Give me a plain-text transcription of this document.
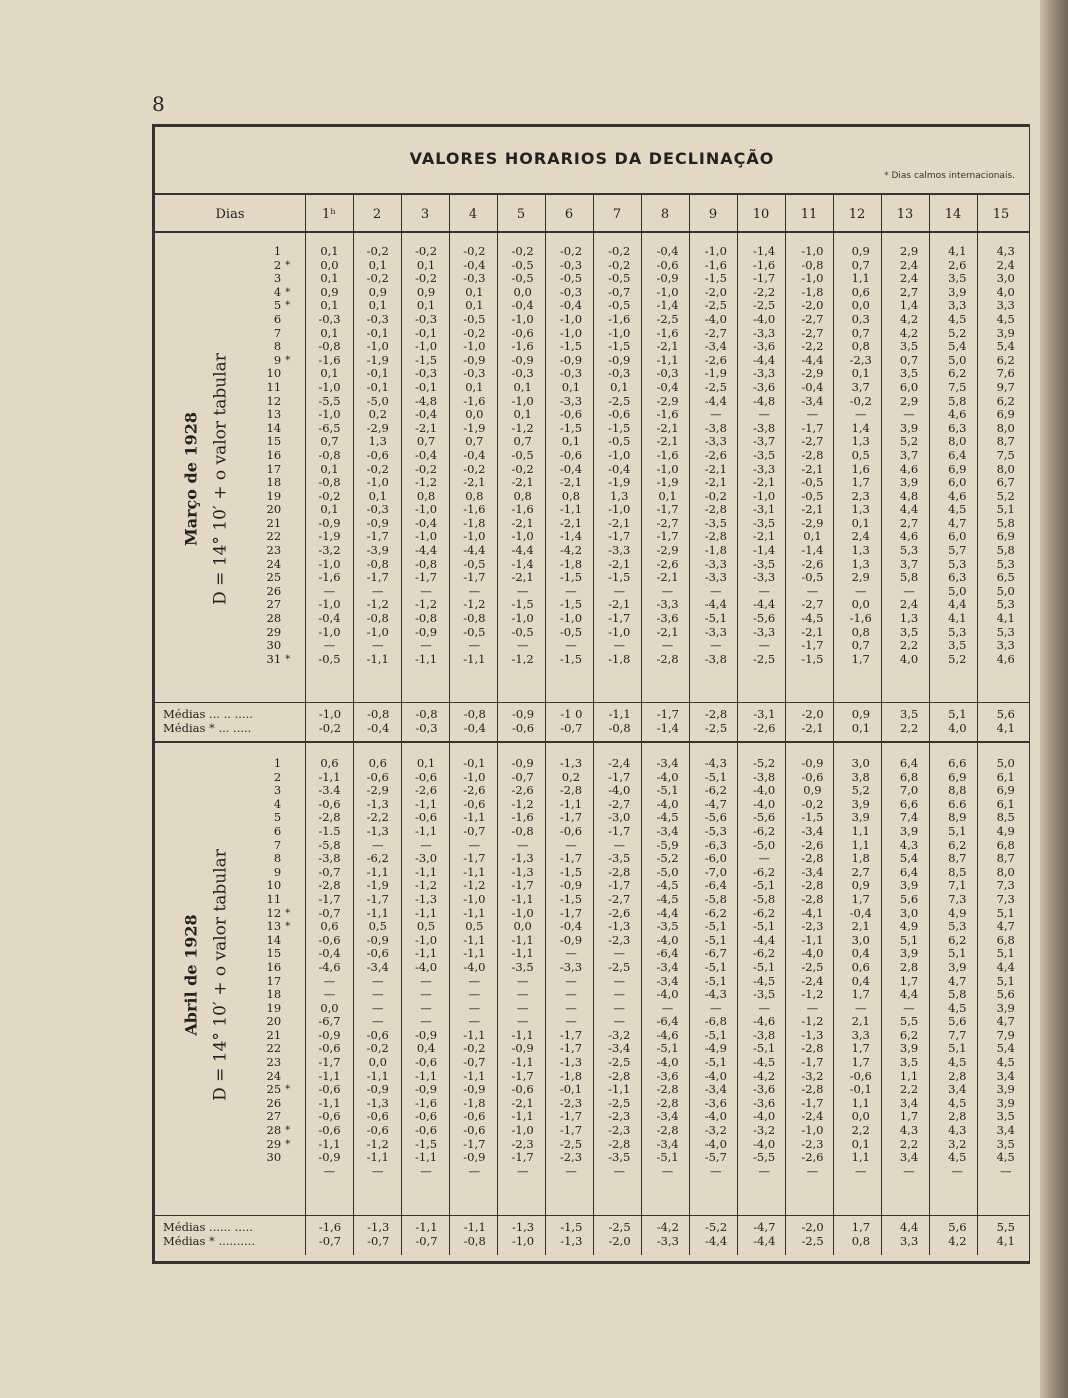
8
VALORES HORARIOS DA DECLINAÇÃO
* Dias calmos internacionais.
Dias	1ʰ	2	3	4	5	6	7	8	9	10	11	12	13	14	15
Março de 1928 D = 14° 10′ + o valor tabular
Abril de 1928 D = 14° 10′ + o valor tabular
1		0,1	-0,2	-0,2	-0,2	-0,2	-0,2	-0,2	-0,4	-1,0	-1,4	-1,0	0,9	2,9	4,1	4,3
2	*	0,0	0,1	0,1	-0,4	-0,5	-0,3	-0,2	-0,6	-1,6	-1,6	-0,8	0,7	2,4	2,6	2,4
3		0,1	-0,2	-0,2	-0,3	-0,5	-0,5	-0,5	-0,9	-1,5	-1,7	-1,0	1,1	2,4	3,5	3,0
4	*	0,9	0,9	0,9	0,1	0,0	-0,3	-0,7	-1,0	-2,0	-2,2	-1,8	0,6	2,7	3,9	4,0
5	*	0,1	0,1	0,1	0,1	-0,4	-0,4	-0,5	-1,4	-2,5	-2,5	-2,0	0,0	1,4	3,3	3,3
6		-0,3	-0,3	-0,3	-0,5	-1,0	-1,0	-1,6	-2,5	-4,0	-4,0	-2,7	0,3	4,2	4,5	4,5
7		0,1	-0,1	-0,1	-0,2	-0,6	-1,0	-1,0	-1,6	-2,7	-3,3	-2,7	0,7	4,2	5,2	3,9
8		-0,8	-1,0	-1,0	-1,0	-1,6	-1,5	-1,5	-2,1	-3,4	-3,6	-2,2	0,8	3,5	5,4	5,4
9	*	-1,6	-1,9	-1,5	-0,9	-0,9	-0,9	-0,9	-1,1	-2,6	-4,4	-4,4	-2,3	0,7	5,0	6,2
10		0,1	-0,1	-0,3	-0,3	-0,3	-0,3	-0,3	-0,3	-1,9	-3,3	-2,9	0,1	3,5	6,2	7,6
11		-1,0	-0,1	-0,1	0,1	0,1	0,1	0,1	-0,4	-2,5	-3,6	-0,4	3,7	6,0	7,5	9,7
12		-5,5	-5,0	-4,8	-1,6	-1,0	-3,3	-2,5	-2,9	-4,4	-4,8	-3,4	-0,2	2,9	5,8	6,2
13		-1,0	0,2	-0,4	0,0	0,1	-0,6	-0,6	-1,6	—	—	—	—	—	4,6	6,9
14		-6,5	-2,9	-2,1	-1,9	-1,2	-1,5	-1,5	-2,1	-3,8	-3,8	-1,7	1,4	3,9	6,3	8,0
15		0,7	1,3	0,7	0,7	0,7	0,1	-0,5	-2,1	-3,3	-3,7	-2,7	1,3	5,2	8,0	8,7
16		-0,8	-0,6	-0,4	-0,4	-0,5	-0,6	-1,0	-1,6	-2,6	-3,5	-2,8	0,5	3,7	6,4	7,5
17		0,1	-0,2	-0,2	-0,2	-0,2	-0,4	-0,4	-1,0	-2,1	-3,3	-2,1	1,6	4,6	6,9	8,0
18		-0,8	-1,0	-1,2	-2,1	-2,1	-2,1	-1,9	-1,9	-2,1	-2,1	-0,5	1,7	3,9	6,0	6,7
19		-0,2	0,1	0,8	0,8	0,8	0,8	1,3	0,1	-0,2	-1,0	-0,5	2,3	4,8	4,6	5,2
20		0,1	-0,3	-1,0	-1,6	-1,6	-1,1	-1,0	-1,7	-2,8	-3,1	-2,1	1,3	4,4	4,5	5,1
21		-0,9	-0,9	-0,4	-1,8	-2,1	-2,1	-2,1	-2,7	-3,5	-3,5	-2,9	0,1	2,7	4,7	5,8
22		-1,9	-1,7	-1,0	-1,0	-1,0	-1,4	-1,7	-1,7	-2,8	-2,1	0,1	2,4	4,6	6,0	6,9
23		-3,2	-3,9	-4,4	-4,4	-4,4	-4,2	-3,3	-2,9	-1,8	-1,4	-1,4	1,3	5,3	5,7	5,8
24		-1,0	-0,8	-0,8	-0,5	-1,4	-1,8	-2,1	-2,6	-3,3	-3,5	-2,6	1,3	3,7	5,3	5,3
25		-1,6	-1,7	-1,7	-1,7	-2,1	-1,5	-1,5	-2,1	-3,3	-3,3	-0,5	2,9	5,8	6,3	6,5
26		—	—	—	—	—	—	—	—	—	—	—	—	—	5,0	5,0
27		-1,0	-1,2	-1,2	-1,2	-1,5	-1,5	-2,1	-3,3	-4,4	-4,4	-2,7	0,0	2,4	4,4	5,3
28		-0,4	-0,8	-0,8	-0,8	-1,0	-1,0	-1,7	-3,6	-5,1	-5,6	-4,5	-1,6	1,3	4,1	4,1
29		-1,0	-1,0	-0,9	-0,5	-0,5	-0,5	-1,0	-2,1	-3,3	-3,3	-2,1	0,8	3,5	5,3	5,3
30		—	—	—	—	—	—	—	—	—	—	-1,7	0,7	2,2	3,5	3,3
31	*	-0,5	-1,1	-1,1	-1,1	-1,2	-1,5	-1,8	-2,8	-3,8	-2,5	-1,5	1,7	4,0	5,2	4,6
Médias ... .. .....	-1,0	-0,8	-0,8	-0,8	-0,9	-1 0	-1,1	-1,7	-2,8	-3,1	-2,0	0,9	3,5	5,1	5,6
Médias * ... .....	-0,2	-0,4	-0,3	-0,4	-0,6	-0,7	-0,8	-1,4	-2,5	-2,6	-2,1	0,1	2,2	4,0	4,1
1		0,6	0,6	0,1	-0,1	-0,9	-1,3	-2,4	-3,4	-4,3	-5,2	-0,9	3,0	6,4	6,6	5,0
2		-1,1	-0,6	-0,6	-1,0	-0,7	0,2	-1,7	-4,0	-5,1	-3,8	-0,6	3,8	6,8	6,9	6,1
3		-3.4	-2,9	-2,6	-2,6	-2,6	-2,8	-4,0	-5,1	-6,2	-4,0	0,9	5,2	7,0	8,8	6,9
4		-0,6	-1,3	-1,1	-0,6	-1,2	-1,1	-2,7	-4,0	-4,7	-4,0	-0,2	3,9	6,6	6.6	6,1
5		-2,8	-2,2	-0,6	-1,1	-1,6	-1,7	-3,0	-4,5	-5,6	-5,6	-1,5	3,9	7,4	8,9	8,5
6		-1.5	-1,3	-1,1	-0,7	-0,8	-0,6	-1,7	-3,4	-5,3	-6,2	-3,4	1,1	3,9	5,1	4,9
7		-5,8	—	—	—	—	—	—	-5,9	-6,3	-5,0	-2,6	1,1	4,3	6,2	6,8
8		-3,8	-6,2	-3,0	-1,7	-1,3	-1,7	-3,5	-5,2	-6,0	—	-2,8	1,8	5,4	8,7	8,7
9		-0,7	-1,1	-1,1	-1,1	-1,3	-1,5	-2,8	-5,0	-7,0	-6,2	-3,4	2,7	6,4	8,5	8,0
10		-2,8	-1,9	-1,2	-1,2	-1,7	-0,9	-1,7	-4,5	-6,4	-5,1	-2,8	0,9	3,9	7,1	7,3
11		-1,7	-1,7	-1,3	-1,0	-1,1	-1,5	-2,7	-4,5	-5,8	-5,8	-2,8	1,7	5,6	7,3	7,3
12	*	-0,7	-1,1	-1,1	-1,1	-1,0	-1,7	-2,6	-4,4	-6,2	-6,2	-4,1	-0,4	3,0	4,9	5,1
13	*	0,6	0,5	0,5	0,5	0,0	-0,4	-1,3	-3,5	-5,1	-5,1	-2,3	2,1	4,9	5,3	4,7
14		-0,6	-0,9	-1,0	-1,1	-1,1	-0,9	-2,3	-4,0	-5,1	-4,4	-1,1	3,0	5,1	6,2	6,8
15		-0,4	-0,6	-1,1	-1,1	-1,1	—	—	-6,4	-6,7	-6,2	-4,0	0,4	3,9	5,1	5,1
16		-4,6	-3,4	-4,0	-4,0	-3,5	-3,3	-2,5	-3,4	-5,1	-5,1	-2,5	0,6	2,8	3,9	4,4
17		—	—	—	—	—	—	—	-3,4	-5,1	-4,5	-2,4	0,4	1,7	4,7	5,1
18		—	—	—	—	—	—	—	-4,0	-4,3	-3,5	-1,2	1,7	4,4	5,8	5,6
19		0,0	—	—	—	—	—	—	—	—	—	—	—	—	4,5	3,9
20		-6,7	—	—	—	—	—	—	-6,4	-6,8	-4,6	-1,2	2,1	5,5	5,6	4,7
21		-0,9	-0,6	-0,9	-1,1	-1,1	-1,7	-3,2	-4,6	-5,1	-3,8	-1,3	3,3	6,2	7,7	7,9
22		-0,6	-0,2	0,4	-0,2	-0,9	-1,7	-3,4	-5,1	-4,9	-5,1	-2,8	1,7	3,9	5,1	5,4
23		-1,7	0,0	-0,6	-0,7	-1,1	-1,3	-2,5	-4,0	-5,1	-4,5	-1,7	1,7	3,5	4,5	4,5
24		-1,1	-1,1	-1,1	-1,1	-1,7	-1,8	-2,8	-3,6	-4,0	-4,2	-3,2	-0,6	1,1	2,8	3,4
25	*	-0,6	-0,9	-0,9	-0,9	-0,6	-0,1	-1,1	-2,8	-3,4	-3,6	-2,8	-0,1	2,2	3,4	3,9
26		-1,1	-1,3	-1,6	-1,8	-2,1	-2,3	-2,5	-2,8	-3,6	-3,6	-1,7	1,1	3,4	4,5	3,9
27		-0,6	-0,6	-0,6	-0,6	-1,1	-1,7	-2,3	-3,4	-4,0	-4,0	-2,4	0,0	1,7	2,8	3,5
28	*	-0,6	-0,6	-0,6	-0,6	-1,0	-1,7	-2,3	-2,8	-3,2	-3,2	-1,0	2,2	4,3	4,3	3,4
29	*	-1,1	-1,2	-1,5	-1,7	-2,3	-2,5	-2,8	-3,4	-4,0	-4,0	-2,3	0,1	2,2	3,2	3,5
30		-0,9	-1,1	-1,1	-0,9	-1,7	-2,3	-3,5	-5,1	-5,7	-5,5	-2,6	1,1	3,4	4,5	4,5
		—	—	—	—	—	—	—	—	—	—	—	—	—	—	—
Médias ...... .....	-1,6	-1,3	-1,1	-1,1	-1,3	-1,5	-2,5	-4,2	-5,2	-4,7	-2,0	1,7	4,4	5,6	5,5
Médias * ..........	-0,7	-0,7	-0,7	-0,8	-1,0	-1,3	-2,0	-3,3	-4,4	-4,4	-2,5	0,8	3,3	4,2	4,1
